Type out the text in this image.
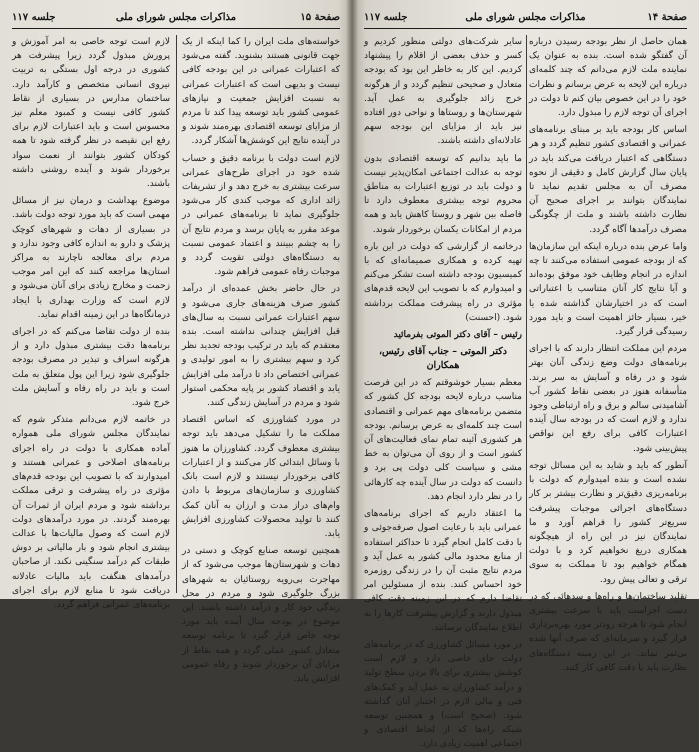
صفحة ۱۵
مذاکرات مجلس شورای ملی
جلسه ۱۱۷

خواسته‌های ملت ایران را کما اینکه از یک جهت قانونی هستند بشنوید. گفته می‌شود که اعتبارات عمرانی در این بودجه کافی نیست و بدیهی است که اعتبارات عمرانی به نسبت افزایش جمعیت و نیازهای عمومی کشور باید توسعه پیدا کند تا مردم از مزایای توسعه اقتصادی بهره‌مند شوند و در آینده نتایج این کوشش‌ها آشکار گردد.

لازم است دولت با برنامه دقیق و حساب شده خود در اجرای طرح‌های عمرانی سرعت بیشتری به خرج دهد و از تشریفات زائد اداری که موجب کندی کار می‌شود جلوگیری نماید تا برنامه‌های عمرانی در موعد مقرر به پایان برسد و مردم نتایج آن را به چشم ببینند و اعتماد عمومی نسبت به دستگاه‌های دولتی تقویت گردد و موجبات رفاه عمومی فراهم شود.

در حال حاضر بخش عمده‌ای از درآمد کشور صرف هزینه‌های جاری می‌شود و سهم اعتبارات عمرانی نسبت به سال‌های قبل افزایش چندانی نداشته است. بنده معتقدم که باید در ترکیب بودجه تجدید نظر کرد و سهم بیشتری را به امور تولیدی و عمرانی اختصاص داد تا درآمد ملی افزایش یابد و اقتصاد کشور بر پایه محکمی استوار شود و مردم در آسایش زندگی کنند.

در مورد کشاورزی که اساس اقتصاد مملکت ما را تشکیل می‌دهد باید توجه بیشتری معطوف گردد. کشاورزان ما هنوز با وسائل ابتدائی کار می‌کنند و از اعتبارات کافی برخوردار نیستند و لازم است بانک کشاورزی و سازمان‌های مربوط با دادن وام‌های دراز مدت و ارزان به آنان کمک کنند تا تولید محصولات کشاورزی افزایش یابد.

همچنین توسعه صنایع کوچک و دستی در دهات و شهرستان‌ها موجب می‌شود که از مهاجرت بی‌رویه روستائیان به شهرهای بزرگ جلوگیری شود و مردم در محل زندگی خود کار و درآمد داشته باشند. این موضوع در بودجه سال آینده باید مورد توجه خاص قرار گیرد تا برنامه توسعه متعادل کشور عملی گردد و همه نقاط از مزایای آن برخوردار شوند و رفاه عمومی افزایش یابد.

لازم است توجه خاصی به امر آموزش و پرورش مبذول گردد زیرا پیشرفت هر کشوری در درجه اول بستگی به تربیت نیروی انسانی متخصص و کارآمد دارد. ساختمان مدارس در بسیاری از نقاط کشور کافی نیست و کمبود معلم نیز محسوس است و باید اعتبارات لازم برای رفع این نقیصه در نظر گرفته شود تا همه کودکان کشور بتوانند از نعمت سواد برخوردار شوند و آینده روشنی داشته باشند.

موضوع بهداشت و درمان نیز از مسائل مهمی است که باید مورد توجه دولت باشد. در بسیاری از دهات و شهرهای کوچک پزشک و دارو به اندازه کافی وجود ندارد و مردم برای معالجه ناچارند به مراکز استان‌ها مراجعه کنند که این امر موجب زحمت و مخارج زیادی برای آنان می‌شود و لازم است که وزارت بهداری با ایجاد درمانگاه‌ها در این زمینه اقدام نماید.

بنده از دولت تقاضا می‌کنم که در اجرای برنامه‌ها دقت بیشتری مبذول دارد و از هرگونه اسراف و تبذیر در مصرف بودجه جلوگیری شود زیرا این پول متعلق به ملت است و باید در راه رفاه و آسایش ملت خرج شود.

در خاتمه لازم می‌دانم متذکر شوم که نمایندگان مجلس شورای ملی همواره آماده همکاری با دولت در راه اجرای برنامه‌های اصلاحی و عمرانی هستند و امیدوارند که با تصویب این بودجه قدم‌های مؤثری در راه پیشرفت و ترقی مملکت برداشته شود و مردم ایران از ثمرات آن بهره‌مند گردند. در مورد درآمدهای دولت لازم است که وصول مالیات‌ها با عدالت بیشتری انجام شود و بار مالیاتی بر دوش طبقات کم درآمد سنگینی نکند. از صاحبان درآمدهای هنگفت باید مالیات عادلانه دریافت شود تا منابع لازم برای اجرای برنامه‌های عمرانی فراهم گردد.

صفحة ۱۴
مذاکرات مجلس شورای ملی
جلسه ۱۱۷

همان حاصل از نظر بودجه رسیدن درباره آن گفتگو شده است. بنده به عنوان یک نماینده ملت لازم می‌دانم که چند کلمه‌ای درباره این لایحه به عرض برسانم و نظرات خود را در این خصوص بیان کنم تا دولت در اجرای آن توجه لازم را مبذول دارد.

اساس کار بودجه باید بر مبنای برنامه‌های عمرانی و اقتصادی کشور تنظیم گردد و هر دستگاهی که اعتبار دریافت می‌کند باید در پایان سال گزارش کامل و دقیقی از نحوه مصرف آن به مجلس تقدیم نماید تا نمایندگان بتوانند بر اجرای صحیح آن نظارت داشته باشند و ملت از چگونگی مصرف درآمدها آگاه گردد.

واما عرض بنده درباره اینکه این سازمان‌ها که از بودجه عمومی استفاده می‌کنند تا چه اندازه در انجام وظایف خود موفق بوده‌اند و آیا نتایج کار آنان متناسب با اعتباراتی است که در اختیارشان گذاشته شده یا خیر، بسیار حائز اهمیت است و باید مورد رسیدگی قرار گیرد.

مردم این مملکت انتظار دارند که با اجرای برنامه‌های دولت وضع زندگی آنان بهتر شود و در رفاه و آسایش به سر برند. متأسفانه هنوز در بعضی نقاط کشور آب آشامیدنی سالم و برق و راه ارتباطی وجود ندارد و لازم است که در بودجه سال آینده اعتبارات کافی برای رفع این نواقص پیش‌بینی شود.

آنطور که باید و شاید به این مسائل توجه نشده است و بنده امیدوارم که دولت با برنامه‌ریزی دقیق‌تر و نظارت بیشتر بر کار دستگاه‌های اجرائی موجبات پیشرفت سریع‌تر کشور را فراهم آورد و ما نمایندگان نیز در این راه از هیچگونه همکاری دریغ نخواهیم کرد و با دولت همگام خواهیم بود تا مملکت به سوی ترقی و تعالی پیش رود.

تقلید ساختمان‌ها و راه‌ها و سدهائی که در دست اجراست باید با سرعت بیشتری انجام شود تا هرچه زودتر مورد بهره‌برداری قرار گیرد و سرمایه‌ای که صرف آنها شده بی‌ثمر نماند. در این زمینه دستگاه‌های نظارت باید با دقت کافی کار کنند.

سایر شرکت‌های دولتی منظور کردیم و کسر و حذف بعضی از اقلام را پیشنهاد کردیم. این کار به خاطر این بود که بودجه متعادل و صحیحی تنظیم گردد و از هرگونه خرج زائد جلوگیری به عمل آید. شهرستان‌ها و روستاها و نواحی دور افتاده نیز باید از مزایای این بودجه سهم عادلانه‌ای داشته باشند.

ما باید بدانیم که توسعه اقتصادی بدون توجه به عدالت اجتماعی امکان‌پذیر نیست و دولت باید در توزیع اعتبارات به مناطق محروم توجه بیشتری معطوف دارد تا فاصله بین شهر و روستا کاهش یابد و همه مردم از امکانات یکسان برخوردار شوند.

درخاتمه از گزارشی که دولت در این باره تهیه کرده و همکاری صمیمانه‌ای که با کمیسیون بودجه داشته است تشکر می‌کنم و امیدوارم که با تصویب این لایحه قدم‌های مؤثری در راه پیشرفت مملکت برداشته شود. (احسنت)

رئیس – آقای دکتر الموتی بفرمائید

دکتر الموتی – جناب آقای رئیس، همکاران

معظم بسیار خوشوقتم که در این فرصت مناسب درباره لایحه بودجه کل کشور که متضمن برنامه‌های مهم عمرانی و اقتصادی است چند کلمه‌ای به عرض برسانم. بودجه هر کشوری آئینه تمام نمای فعالیت‌های آن کشور است و از روی آن می‌توان به خط مشی و سیاست کلی دولت پی برد و دانست که دولت در سال آینده چه کارهائی را در نظر دارد انجام دهد.

ما اعتقاد داریم که اجرای برنامه‌های عمرانی باید با رعایت اصول صرفه‌جوئی و با دقت کامل انجام گیرد تا حداکثر استفاده از منابع محدود مالی کشور به عمل آید و مردم نتایج مثبت آن را در زندگی روزمره خود احساس کنند. بنده از مسئولین امر تقاضا دارم که در این زمینه دقت کافی مبذول دارند و گزارش پیشرفت کارها را به اطلاع نمایندگان برسانند.

در مورد مسائل کشاورزی که در برنامه‌های دولت جای خاصی دارد و لازم است کوشش بیشتری برای بالا بردن سطح تولید و درآمد کشاورزان به عمل آید و کمک‌های فنی و مالی لازم در اختیار آنان گذاشته شود. (صحیح است) و همچنین توسعه شبکه راه‌ها که از لحاظ اقتصادی و اجتماعی اهمیت زیادی دارد.
